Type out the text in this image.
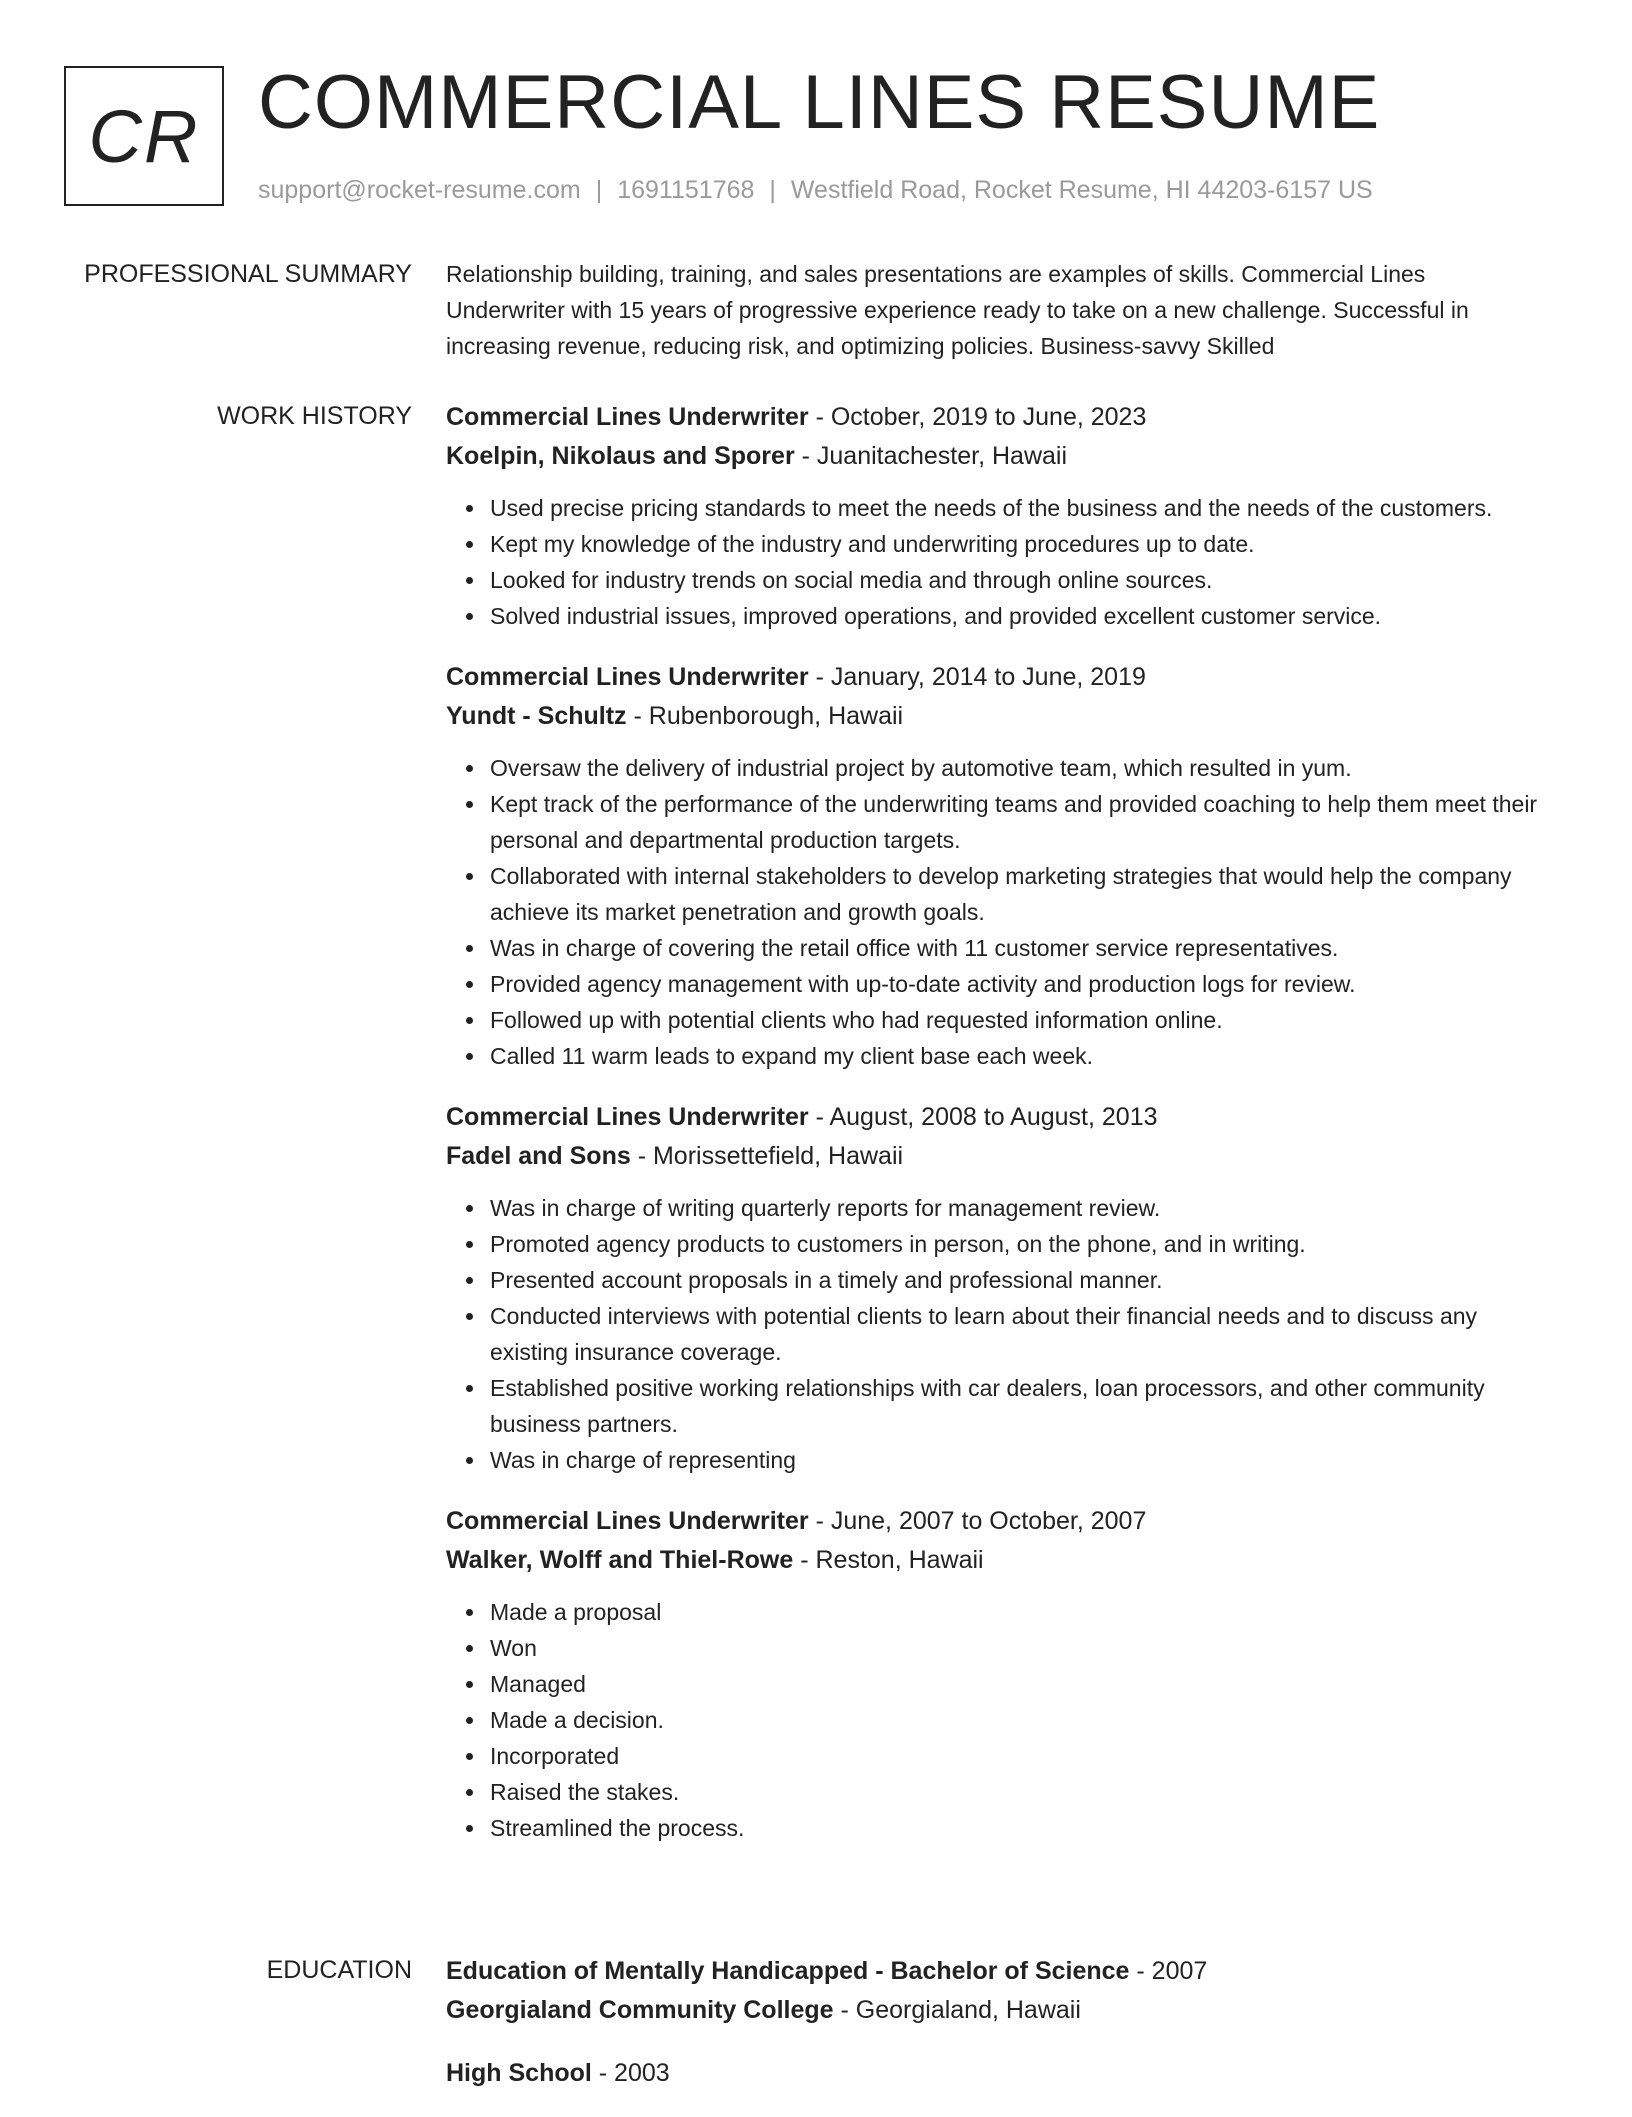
CR COMMERCIAL LINES RESUME
support@rocket-resume.com | 1691151768 | Westfield Road, Rocket Resume, HI 44203-6157 US
PROFESSIONAL SUMMARY Relationship building, training, and sales presentations are examples of skills. Commercial Lines Underwriter with 15 years of progressive experience ready to take on a new challenge. Successful in increasing revenue, reducing risk, and optimizing policies. Business-savvy Skilled

WORK HISTORY Commercial Lines Underwriter - October, 2019 to June, 2023
Koelpin, Nikolaus and Sporer - Juanitachester, Hawaii
Used precise pricing standards to meet the needs of the business and the needs of the customers.
Kept my knowledge of the industry and underwriting procedures up to date.
Looked for industry trends on social media and through online sources.
Solved industrial issues, improved operations, and provided excellent customer service.
Commercial Lines Underwriter - January, 2014 to June, 2019
Yundt - Schultz - Rubenborough, Hawaii
Oversaw the delivery of industrial project by automotive team, which resulted in yum.
Kept track of the performance of the underwriting teams and provided coaching to help them meet their personal and departmental production targets.
Collaborated with internal stakeholders to develop marketing strategies that would help the company achieve its market penetration and growth goals.
Was in charge of covering the retail office with 11 customer service representatives.
Provided agency management with up-to-date activity and production logs for review.
Followed up with potential clients who had requested information online.
Called 11 warm leads to expand my client base each week.
Commercial Lines Underwriter - August, 2008 to August, 2013
Fadel and Sons - Morissettefield, Hawaii
Was in charge of writing quarterly reports for management review.
Promoted agency products to customers in person, on the phone, and in writing.
Presented account proposals in a timely and professional manner.
Conducted interviews with potential clients to learn about their financial needs and to discuss any existing insurance coverage.
Established positive working relationships with car dealers, loan processors, and other community business partners.
Was in charge of representing
Commercial Lines Underwriter - June, 2007 to October, 2007
Walker, Wolff and Thiel-Rowe - Reston, Hawaii
Made a proposal
Won
Managed
Made a decision.
Incorporated
Raised the stakes.
Streamlined the process.
EDUCATION Education of Mentally Handicapped - Bachelor of Science - 2007
Georgialand Community College - Georgialand, Hawaii
High School - 2003
